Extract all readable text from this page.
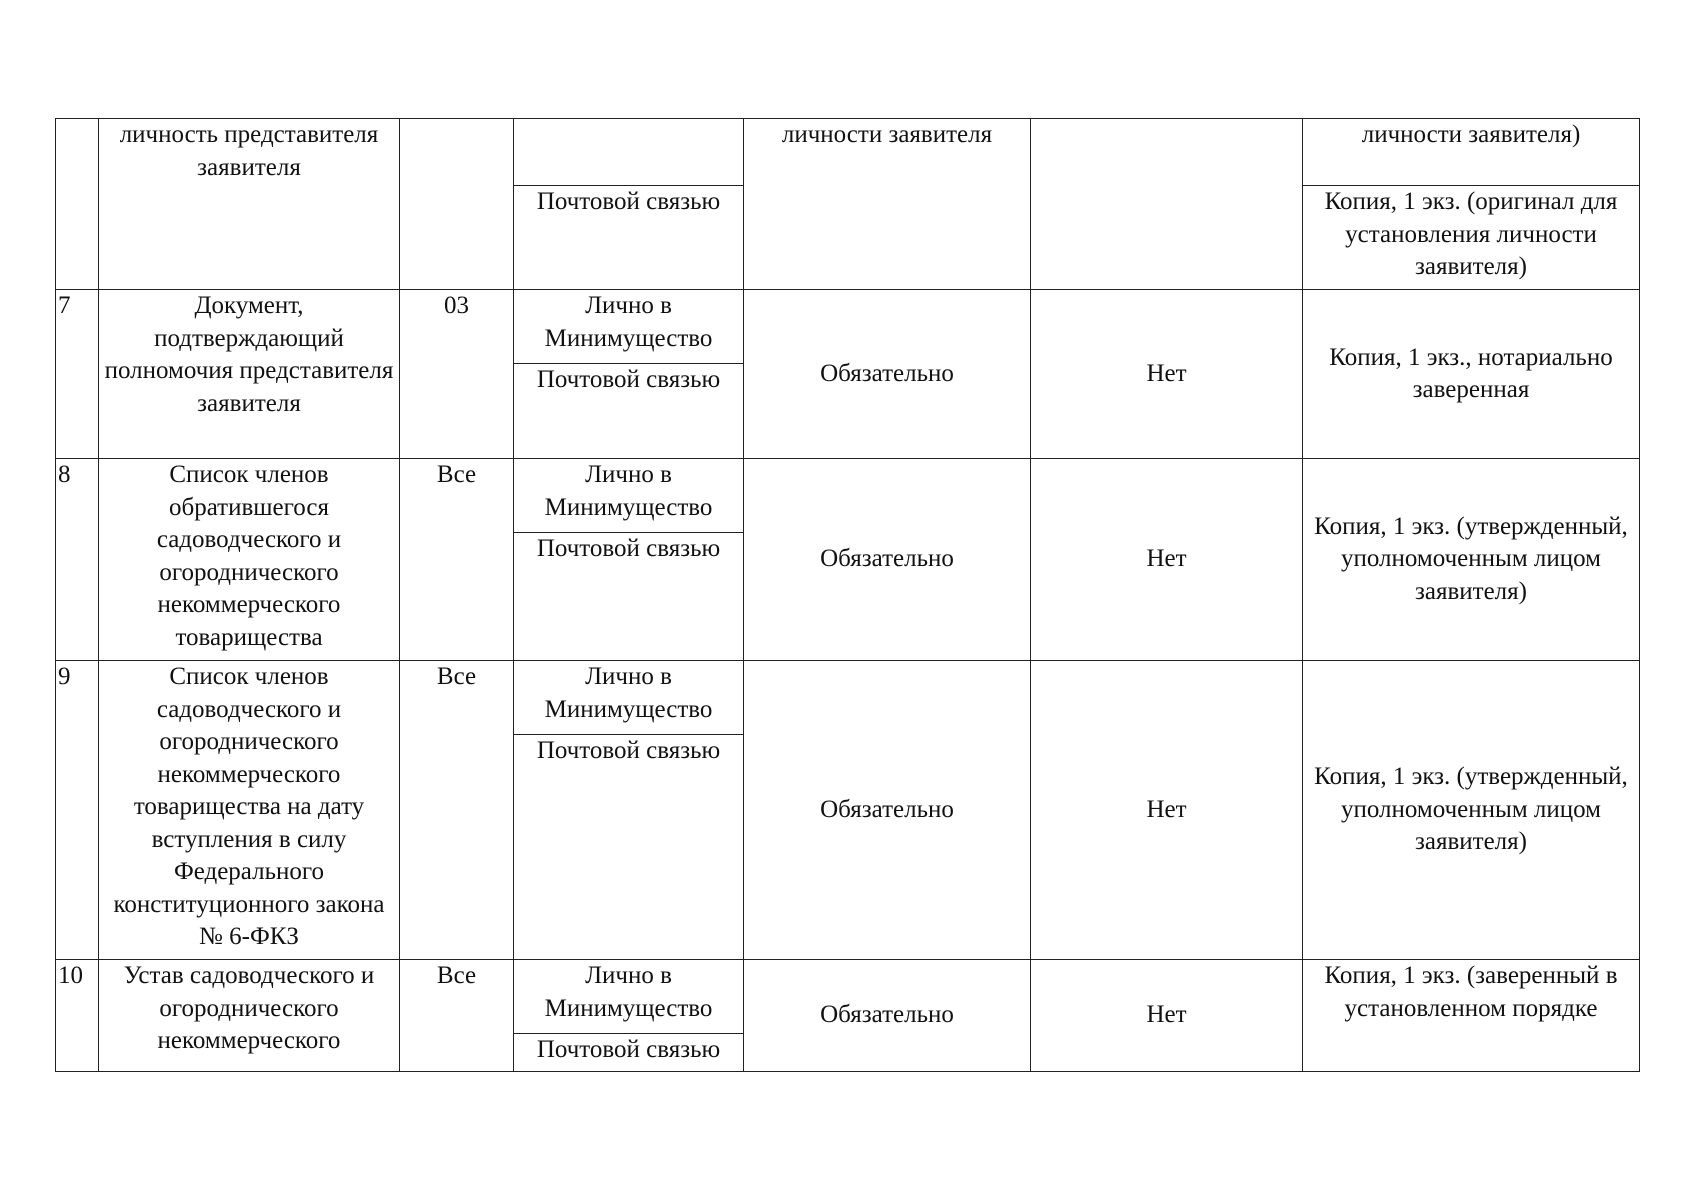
	личность представителя заявителя			личности заявителя		личности заявителя)
			Почтовой связью			Копия, 1 экз. (оригинал для установления личности заявителя)
7	Документ, подтверждающий полномочия представителя заявителя	03	Лично в Минимущество	Обязательно	Нет	Копия, 1 экз., нотариально заверенная
			Почтовой связью			
8	Список членов обратившегося садоводческого и огороднического некоммерческого товарищества	Все	Лично в Минимущество	Обязательно	Нет	Копия, 1 экз. (утвержденный, уполномоченным лицом заявителя)
			Почтовой связью			
9	Список членов садоводческого и огороднического некоммерческого товарищества на дату вступления в силу Федерального конституционного закона № 6-ФКЗ	Все	Лично в Минимущество	Обязательно	Нет	Копия, 1 экз. (утвержденный, уполномоченным лицом заявителя)
			Почтовой связью			
10	Устав садоводческого и огороднического некоммерческого	Все	Лично в Минимущество	Обязательно	Нет	Копия, 1 экз. (заверенный в установленном порядке
			Почтовой связью			
